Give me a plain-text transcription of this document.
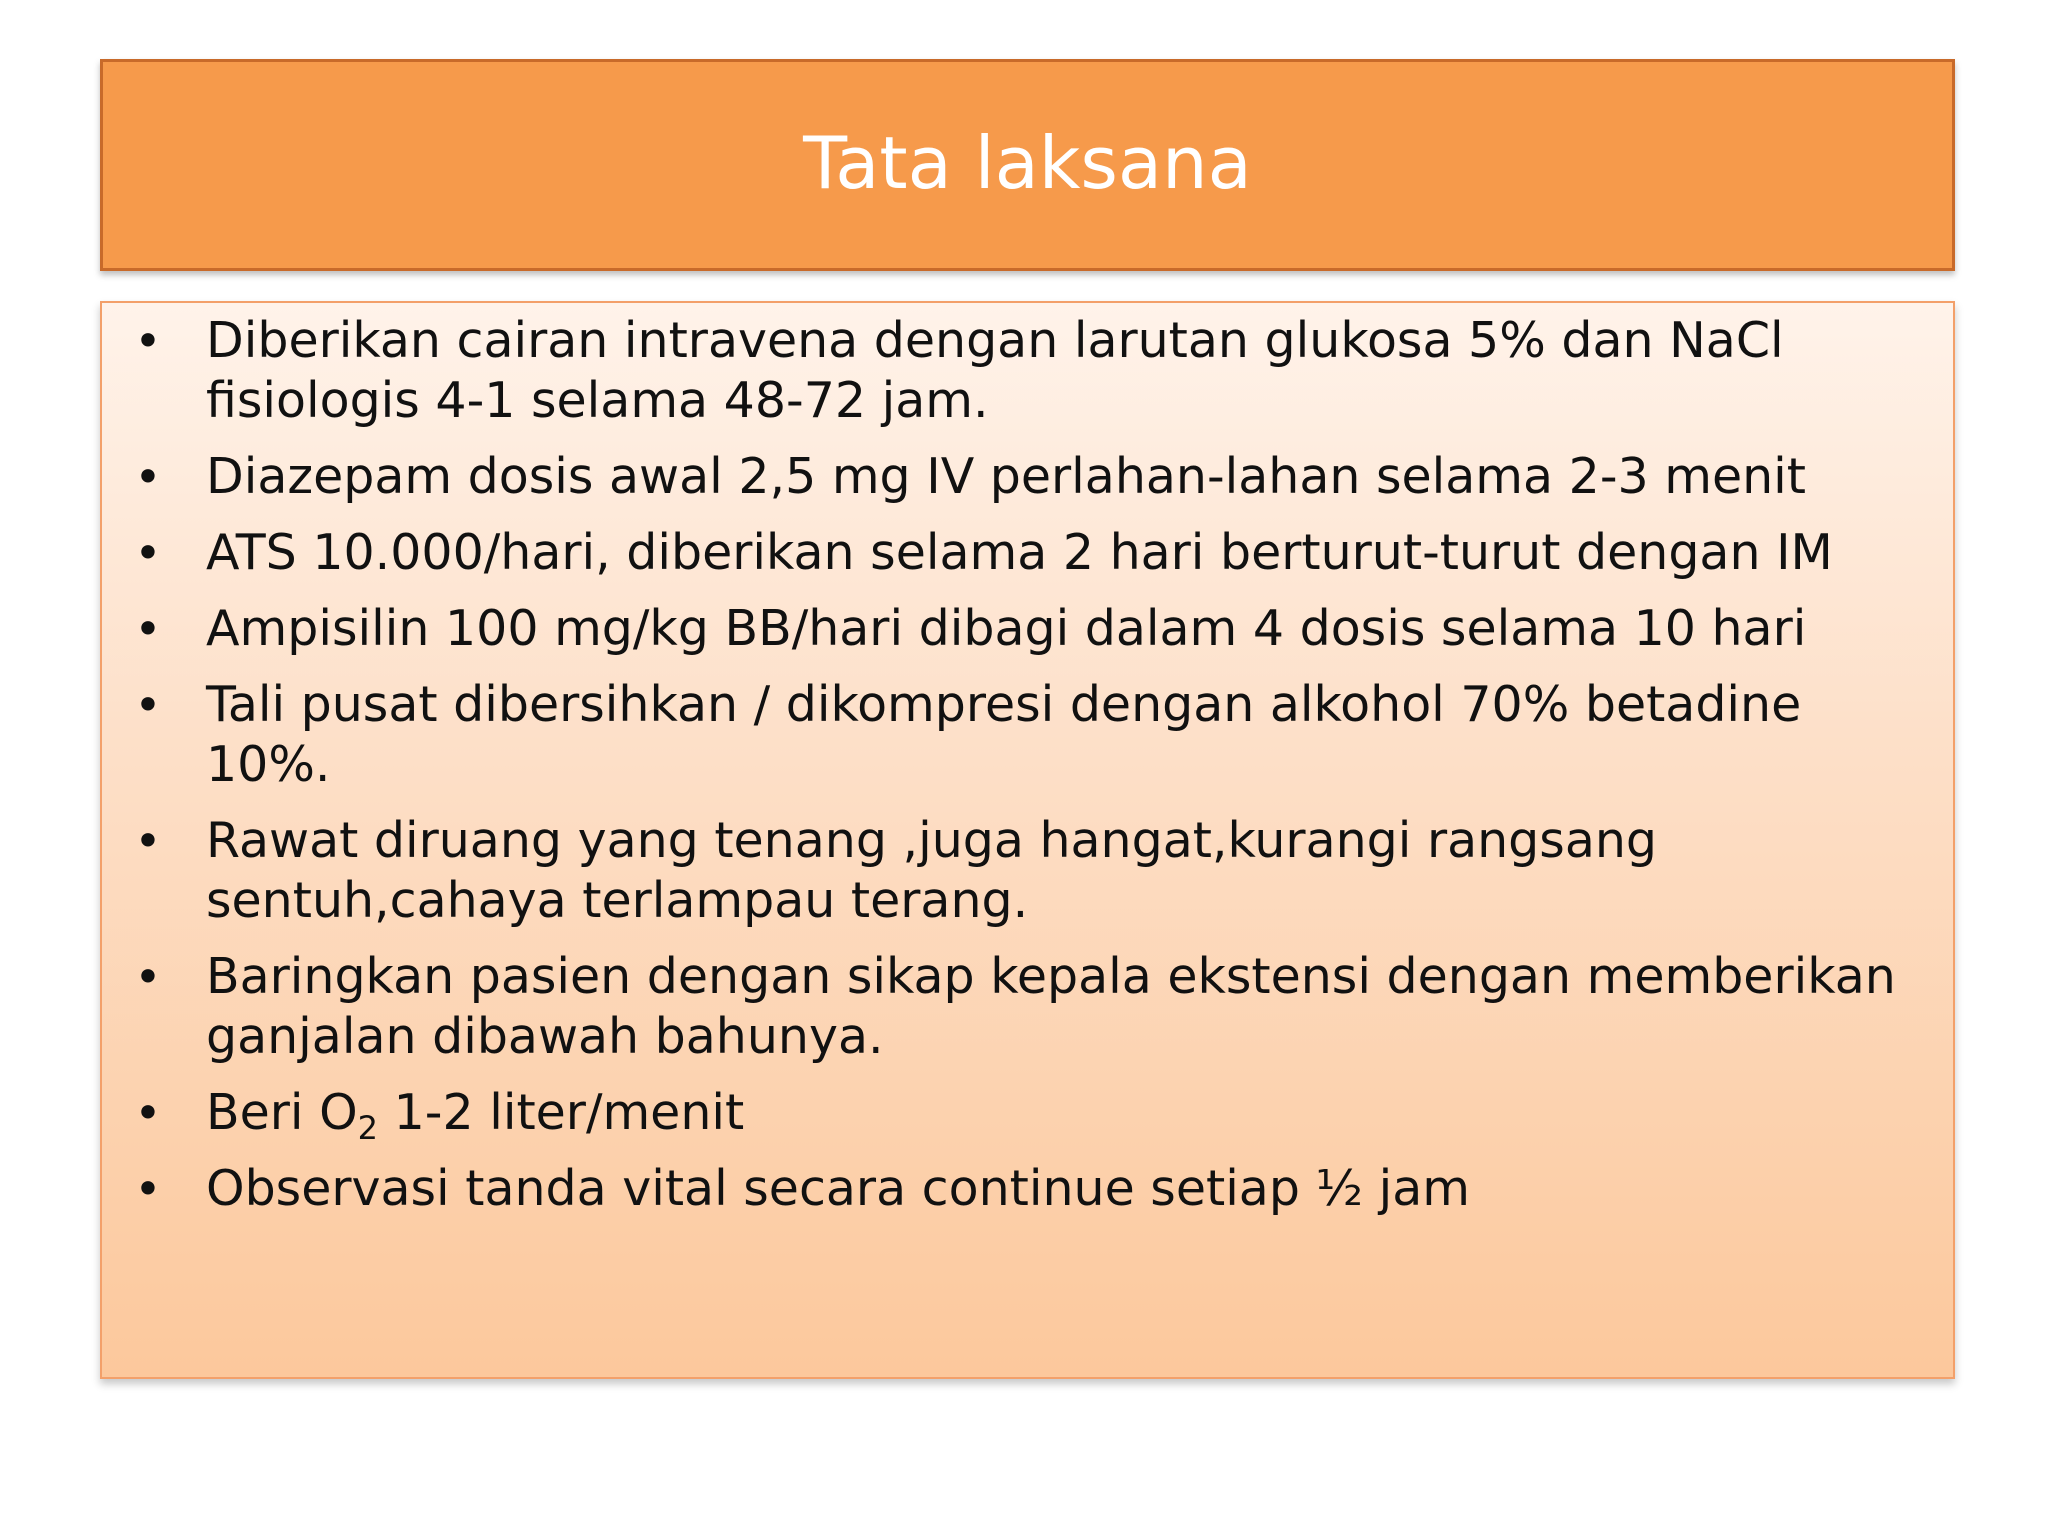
Tata laksana
• Diberikan cairan intravena dengan larutan glukosa 5% dan NaCl fisiologis 4-1 selama 48-72 jam.
• Diazepam dosis awal 2,5 mg IV perlahan-lahan selama 2-3 menit
• ATS 10.000/hari, diberikan selama 2 hari berturut-turut dengan IM
• Ampisilin 100 mg/kg BB/hari dibagi dalam 4 dosis selama 10 hari
• Tali pusat dibersihkan / dikompresi dengan alkohol 70% betadine 10%.
• Rawat diruang yang tenang ,juga hangat,kurangi rangsang sentuh,cahaya terlampau terang.
• Baringkan pasien dengan sikap kepala ekstensi dengan memberikan ganjalan dibawah bahunya.
• Beri $O_2$ 1-2 liter/menit
• Observasi tanda vital secara continue setiap ½ jam
